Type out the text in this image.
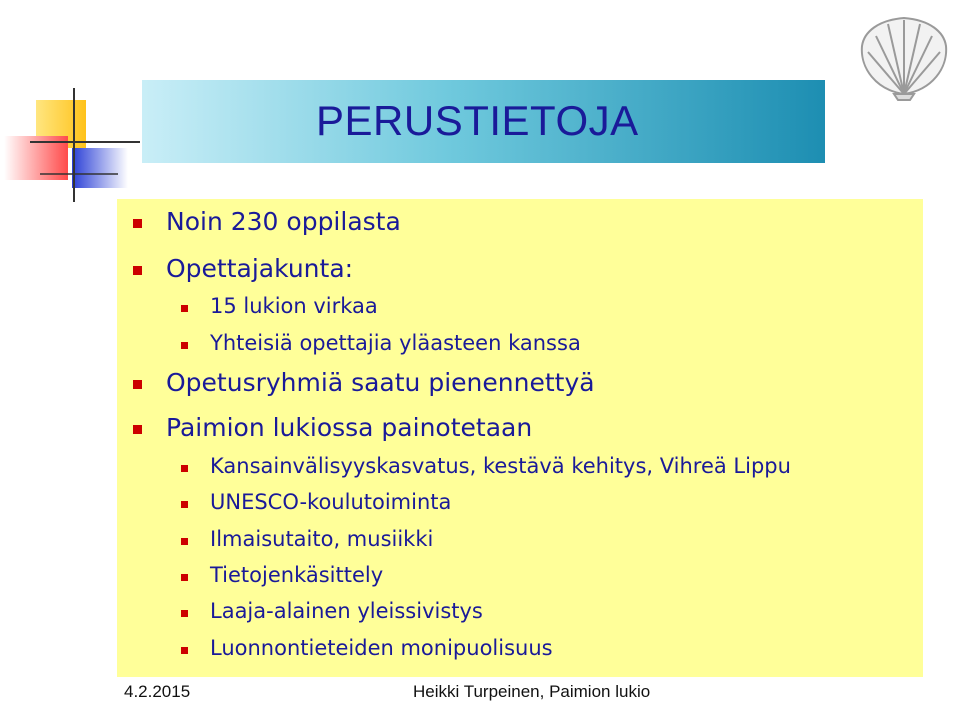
PERUSTIETOJA
Noin 230 oppilasta
Opettajakunta:
15 lukion virkaa
Yhteisiä opettajia yläasteen kanssa
Opetusryhmiä saatu pienennettyä
Paimion lukiossa painotetaan
Kansainvälisyyskasvatus, kestävä kehitys, Vihreä Lippu
UNESCO-koulutoiminta
Ilmaisutaito, musiikki
Tietojenkäsittely
Laaja-alainen yleissivistys
Luonnontieteiden monipuolisuus
4.2.2015	Heikki Turpeinen, Paimion lukio
